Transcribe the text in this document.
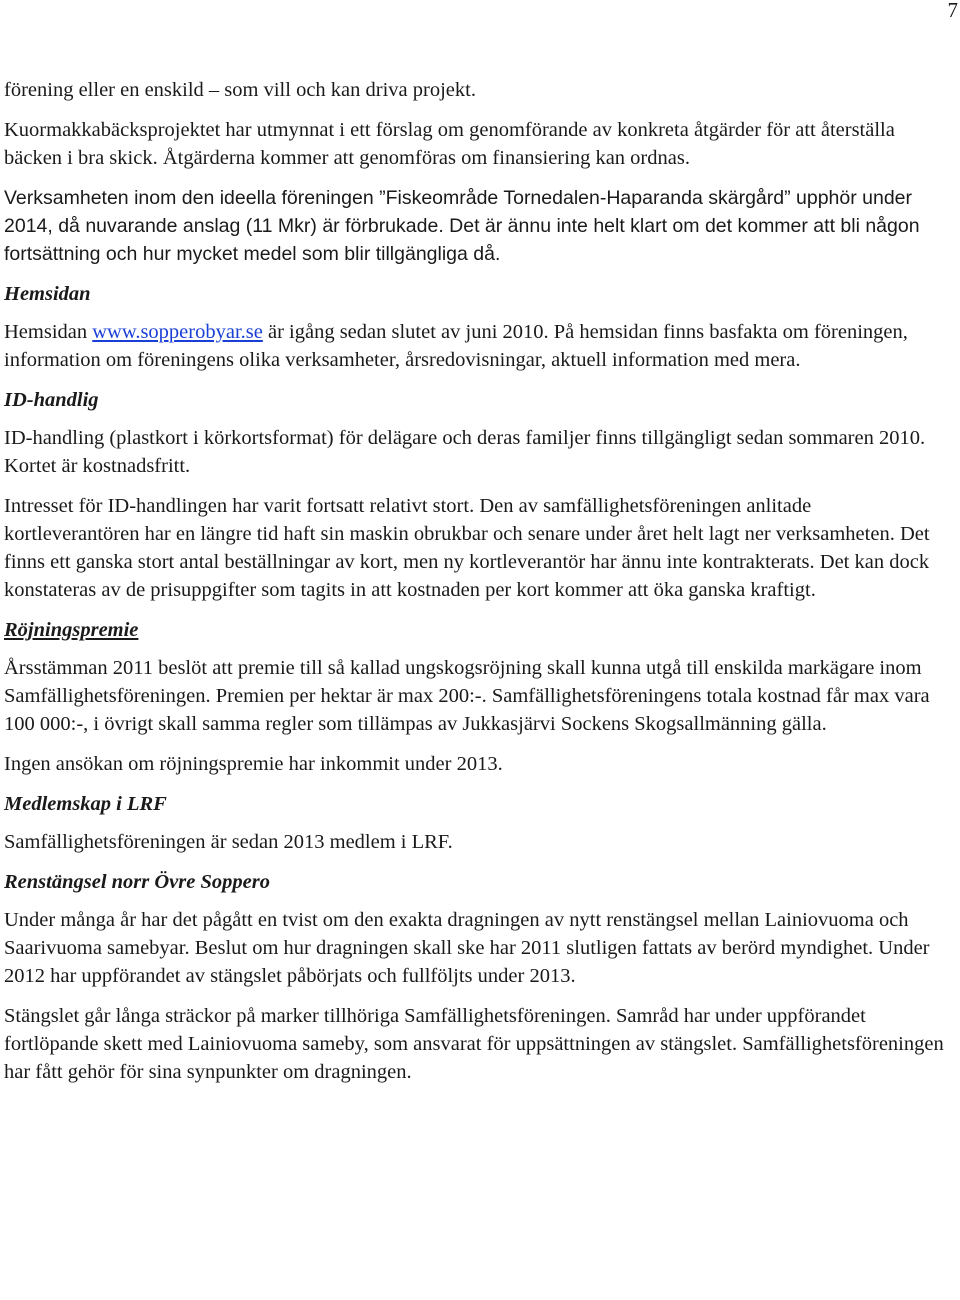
7

förening eller en enskild – som vill och kan driva projekt.

Kuormakkabäcksprojektet har utmynnat i ett förslag om genomförande av konkreta åtgärder för att återställa bäcken i bra skick. Åtgärderna kommer att genomföras om finansiering kan ordnas.

Verksamheten inom den ideella föreningen ”Fiskeområde Tornedalen-Haparanda skärgård” upphör under 2014, då nuvarande anslag (11 Mkr) är förbrukade. Det är ännu inte helt klart om det kommer att bli någon fortsättning och hur mycket medel som blir tillgängliga då.

Hemsidan

Hemsidan www.sopperobyar.se är igång sedan slutet av juni 2010. På hemsidan finns basfakta om föreningen, information om föreningens olika verksamheter, årsredovisningar, aktuell information med mera.

ID-handlig

ID-handling (plastkort i körkortsformat) för delägare och deras familjer finns tillgängligt sedan sommaren 2010. Kortet är kostnadsfritt.

Intresset för ID-handlingen har varit fortsatt relativt stort. Den av samfällighetsföreningen anlitade kortleverantören har en längre tid haft sin maskin obrukbar och senare under året helt lagt ner verksamheten. Det finns ett ganska stort antal beställningar av kort, men ny kortleverantör har ännu inte kontrakterats. Det kan dock konstateras av de prisuppgifter som tagits in att kostnaden per kort kommer att öka ganska kraftigt.

Röjningspremie

Årsstämman 2011 beslöt att premie till så kallad ungskogsröjning skall kunna utgå till enskilda markägare inom Samfällighetsföreningen. Premien per hektar är max 200:-. Samfällighetsföreningens totala kostnad får max vara 100 000:-, i övrigt skall samma regler som tillämpas av Jukkasjärvi Sockens Skogsallmänning gälla.

Ingen ansökan om röjningspremie har inkommit under 2013.

Medlemskap i LRF

Samfällighetsföreningen är sedan 2013 medlem i LRF.

Renstängsel norr Övre Soppero

Under många år har det pågått en tvist om den exakta dragningen av nytt renstängsel mellan Lainiovuoma och Saarivuoma samebyar. Beslut om hur dragningen skall ske har 2011 slutligen fattats av berörd myndighet. Under 2012 har uppförandet av stängslet påbörjats och fullföljts under 2013.

Stängslet går långa sträckor på marker tillhöriga Samfällighetsföreningen. Samråd har under uppförandet fortlöpande skett med Lainiovuoma sameby, som ansvarat för uppsättningen av stängslet. Samfällighetsföreningen har fått gehör för sina synpunkter om dragningen.
